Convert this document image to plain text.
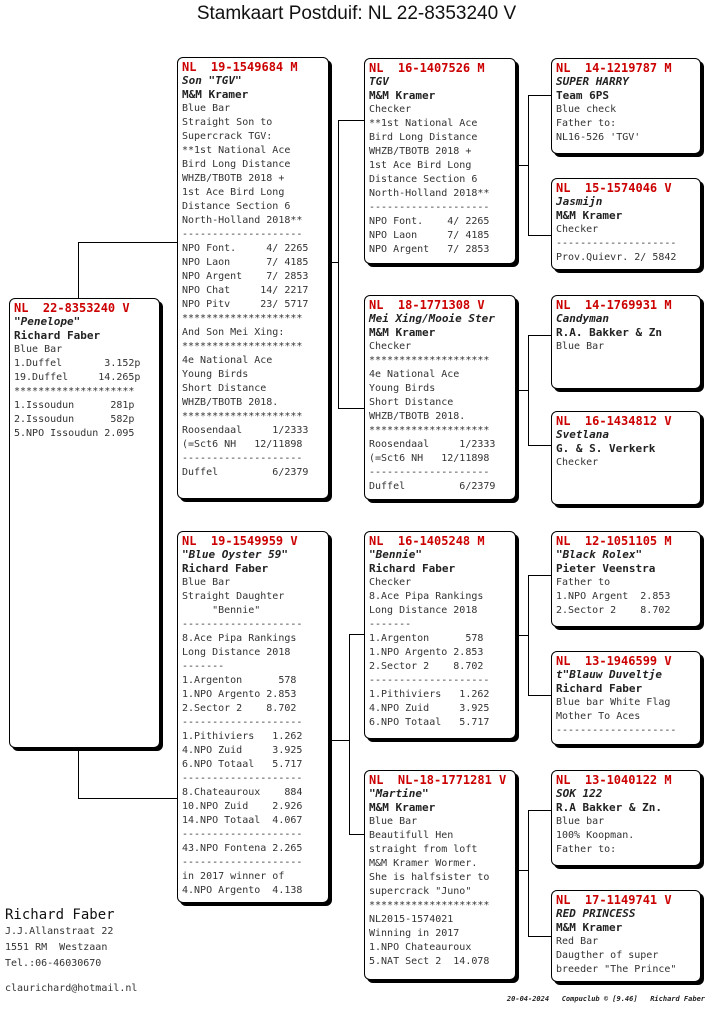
Stamkaart Postduif: NL 22-8353240 V
NL  22-8353240 V
"Penelope"
Richard Faber
Blue Bar
1.Duffel       3.152p
19.Duffel     14.265p
********************
1.Issoudun      281p
2.Issoudun      582p
5.NPO Issoudun 2.095
NL  19-1549684 M
Son "TGV"
M&M Kramer
Blue Bar
Straight Son to
Supercrack TGV:
**1st National Ace
Bird Long Distance
WHZB/TBOTB 2018 +
1st Ace Bird Long
Distance Section 6
North-Holland 2018**
--------------------
NPO Font.     4/ 2265
NPO Laon      7/ 4185
NPO Argent    7/ 2853
NPO Chat     14/ 2217
NPO Pitv     23/ 5717
********************
And Son Mei Xing:
********************
4e National Ace
Young Birds
Short Distance
WHZB/TBOTB 2018.
********************
Roosendaal     1/2333
(=Sct6 NH   12/11898
--------------------
Duffel         6/2379
NL  19-1549959 V
"Blue Oyster 59"
Richard Faber
Blue Bar
Straight Daughter
"Bennie"
--------------------
8.Ace Pipa Rankings
Long Distance 2018
-------
1.Argenton      578
1.NPO Argento 2.853
2.Sector 2    8.702
--------------------
1.Pithiviers   1.262
4.NPO Zuid     3.925
6.NPO Totaal   5.717
--------------------
8.Chateauroux    884
10.NPO Zuid    2.926
14.NPO Totaal  4.067
--------------------
43.NPO Fontena 2.265
--------------------
in 2017 winner of
4.NPO Argento  4.138
NL  16-1407526 M
TGV
M&M Kramer
Checker
**1st National Ace
Bird Long Distance
WHZB/TBOTB 2018 +
1st Ace Bird Long
Distance Section 6
North-Holland 2018**
--------------------
NPO Font.    4/ 2265
NPO Laon     7/ 4185
NPO Argent   7/ 2853
NL  18-1771308 V
Mei Xing/Mooie Ster
M&M Kramer
Checker
********************
4e National Ace
Young Birds
Short Distance
WHZB/TBOTB 2018.
********************
Roosendaal     1/2333
(=Sct6 NH   12/11898
--------------------
Duffel         6/2379
NL  16-1405248 M
"Bennie"
Richard Faber
Checker
8.Ace Pipa Rankings
Long Distance 2018
-------
1.Argenton      578
1.NPO Argento 2.853
2.Sector 2    8.702
--------------------
1.Pithiviers   1.262
4.NPO Zuid     3.925
6.NPO Totaal   5.717
NL  NL-18-1771281 V
"Martine"
M&M Kramer
Blue Bar
Beautifull Hen
straight from loft
M&M Kramer Wormer.
She is halfsister to
supercrack "Juno"
********************
NL2015-1574021
Winning in 2017
1.NPO Chateauroux
5.NAT Sect 2  14.078
NL  14-1219787 M
SUPER HARRY
Team 6PS
Blue check
Father to:
NL16-526 'TGV'
NL  15-1574046 V
Jasmijn
M&M Kramer
Checker
--------------------
Prov.Quievr. 2/ 5842
NL  14-1769931 M
Candyman
R.A. Bakker & Zn
Blue Bar
NL  16-1434812 V
Svetlana
G. & S. Verkerk
Checker
NL  12-1051105 M
"Black Rolex"
Pieter Veenstra
Father to
1.NPO Argent  2.853
2.Sector 2    8.702
NL  13-1946599 V
t"Blauw Duveltje
Richard Faber
Blue bar White Flag
Mother To Aces
--------------------
NL  13-1040122 M
SOK 122
R.A Bakker & Zn.
Blue bar
100% Koopman.
Father to:
NL  17-1149741 V
RED PRINCESS
M&M Kramer
Red Bar
Daugther of super
breeder "The Prince"
Richard Faber
J.J.Allanstraat 22
1551 RM  Westzaan
Tel.:06-46030670
claurichard@hotmail.nl
20-04-2024   Compuclub © [9.46]   Richard Faber
